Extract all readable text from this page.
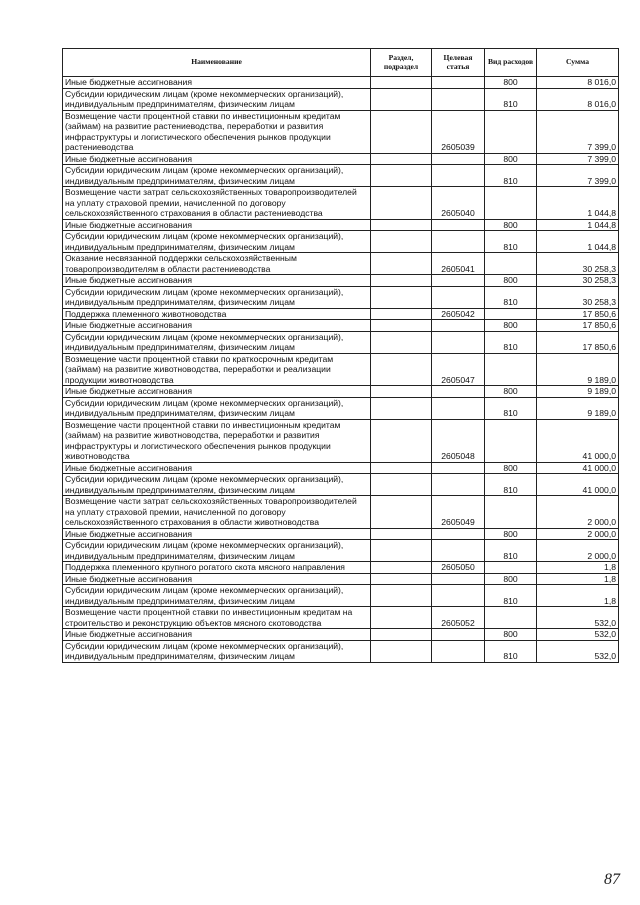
Наименование	Раздел, подраздел	Целевая статья	Вид расходов	Сумма
Иные бюджетные ассигнования			800	8 016,0
Субсидии юридическим лицам (кроме некоммерческих организаций), индивидуальным предпринимателям, физическим лицам			810	8 016,0
Возмещение части процентной ставки по инвестиционным кредитам (займам) на развитие растениеводства, переработки и развития инфраструктуры и логистического обеспечения рынков продукции растениеводства		2605039		7 399,0
Иные бюджетные ассигнования			800	7 399,0
Субсидии юридическим лицам (кроме некоммерческих организаций), индивидуальным предпринимателям, физическим лицам			810	7 399,0
Возмещение части затрат сельскохозяйственных товаропроизводителей на уплату страховой премии, начисленной по договору сельскохозяйственного страхования в области растениеводства		2605040		1 044,8
Иные бюджетные ассигнования			800	1 044,8
Субсидии юридическим лицам (кроме некоммерческих организаций), индивидуальным предпринимателям, физическим лицам			810	1 044,8
Оказание несвязанной поддержки сельскохозяйственным товаропроизводителям в области растениеводства		2605041		30 258,3
Иные бюджетные ассигнования			800	30 258,3
Субсидии юридическим лицам (кроме некоммерческих организаций), индивидуальным предпринимателям, физическим лицам			810	30 258,3
Поддержка племенного животноводства		2605042		17 850,6
Иные бюджетные ассигнования			800	17 850,6
Субсидии юридическим лицам (кроме некоммерческих организаций), индивидуальным предпринимателям, физическим лицам			810	17 850,6
Возмещение части процентной ставки по краткосрочным кредитам (займам) на развитие животноводства, переработки и реализации продукции животноводства		2605047		9 189,0
Иные бюджетные ассигнования			800	9 189,0
Субсидии юридическим лицам (кроме некоммерческих организаций), индивидуальным предпринимателям, физическим лицам			810	9 189,0
Возмещение части процентной ставки по инвестиционным кредитам (займам) на развитие животноводства, переработки и развития инфраструктуры и логистического обеспечения рынков продукции животноводства		2605048		41 000,0
Иные бюджетные ассигнования			800	41 000,0
Субсидии юридическим лицам (кроме некоммерческих организаций), индивидуальным предпринимателям, физическим лицам			810	41 000,0
Возмещение части затрат сельскохозяйственных товаропроизводителей на уплату страховой премии, начисленной по договору сельскохозяйственного страхования в области животноводства		2605049		2 000,0
Иные бюджетные ассигнования			800	2 000,0
Субсидии юридическим лицам (кроме некоммерческих организаций), индивидуальным предпринимателям, физическим лицам			810	2 000,0
Поддержка племенного крупного рогатого скота мясного направления		2605050		1,8
Иные бюджетные ассигнования			800	1,8
Субсидии юридическим лицам (кроме некоммерческих организаций), индивидуальным предпринимателям, физическим лицам			810	1,8
Возмещение части процентной ставки по инвестиционным кредитам на строительство и реконструкцию объектов мясного скотоводства		2605052		532,0
Иные бюджетные ассигнования			800	532,0
Субсидии юридическим лицам (кроме некоммерческих организаций), индивидуальным предпринимателям, физическим лицам			810	532,0
87
